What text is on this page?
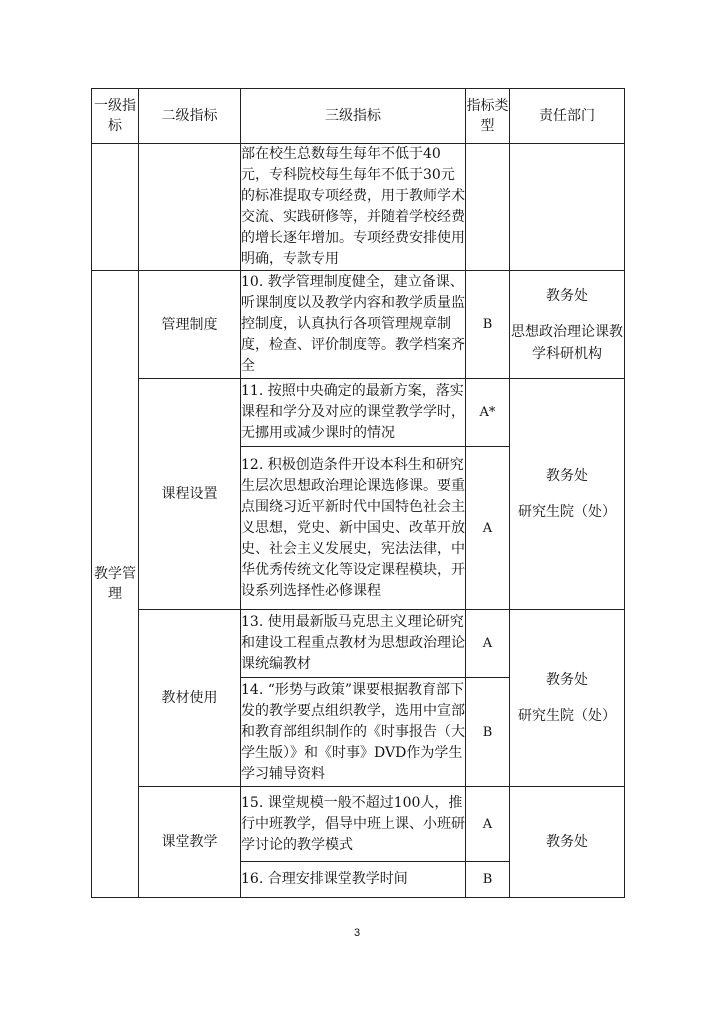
一级指标	二级指标	三级指标	指标类型	责任部门
		部在校生总数每生每年不低于40元，专科院校每生每年不低于30元的标准提取专项经费，用于教师学术交流、实践研修等，并随着学校经费的增长逐年增加。专项经费安排使用明确，专款专用		
教学管理	管理制度	10. 教学管理制度健全，建立备课、听课制度以及教学内容和教学质量监控制度，认真执行各项管理规章制度，检查、评价制度等。教学档案齐全	B	教务处
思想政治理论课教学科研机构

	课程设置	11. 按照中央确定的最新方案，落实课程和学分及对应的课堂教学学时，无挪用或减少课时的情况	A*	教务处
研究生院（处）

		12. 积极创造条件开设本科生和研究生层次思想政治理论课选修课。要重点围绕习近平新时代中国特色社会主义思想，党史、新中国史、改革开放史、社会主义发展史，宪法法律，中华优秀传统文化等设定课程模块，开设系列选择性必修课程	A	
	教材使用	13. 使用最新版马克思主义理论研究和建设工程重点教材为思想政治理论课统编教材	A	教务处
研究生院（处）

		14. “形势与政策”课要根据教育部下发的教学要点组织教学，选用中宣部和教育部组织制作的《时事报告（大学生版）》和《时事》DVD作为学生学习辅导资料	B	
	课堂教学	15. 课堂规模一般不超过100人，推行中班教学，倡导中班上课、小班研学讨论的教学模式	A	教务处

		16. 合理安排课堂教学时间	B	
3
